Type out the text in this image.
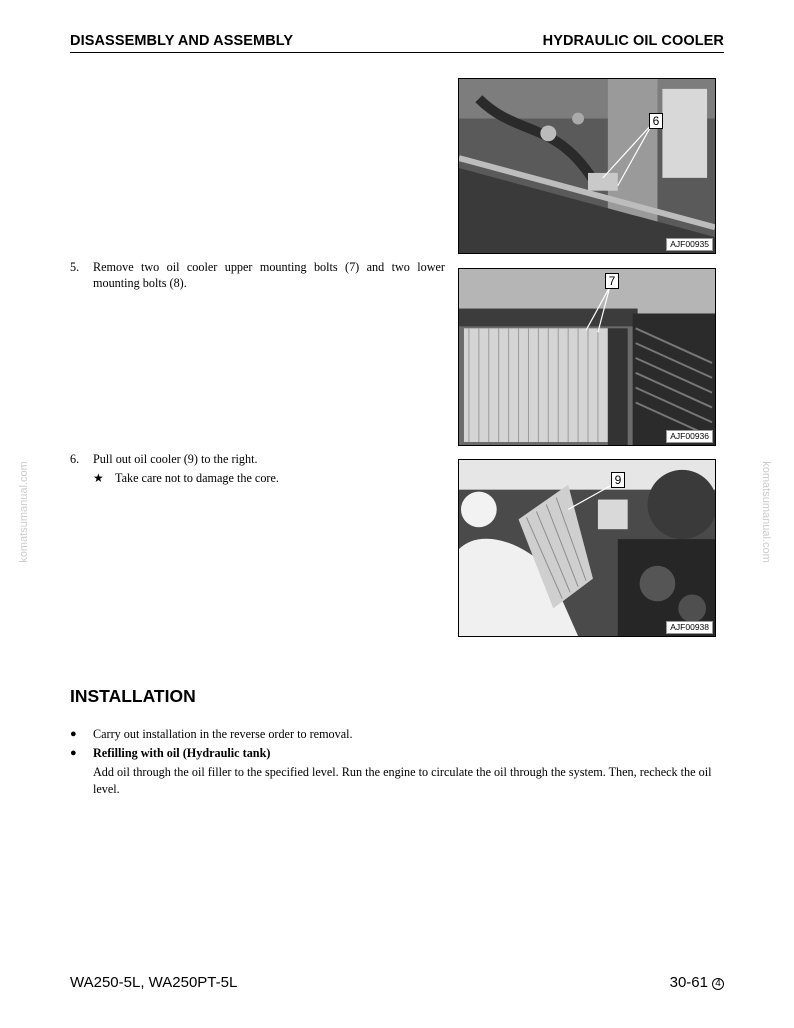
DISASSEMBLY AND ASSEMBLY	HYDRAULIC OIL COOLER
AJF00935
6
5. Remove two oil cooler upper mounting bolts (7) and two lower mounting bolts (8).
AJF00936
7
6. Pull out oil cooler (9) to the right.
★ Take care not to damage the core.
AJF00938
9
INSTALLATION
● Carry out installation in the reverse order to removal.
● Refilling with oil (Hydraulic tank)
Add oil through the oil filler to the specified level. Run the engine to circulate the oil through the system. Then, recheck the oil level.
komatsumanual.com	komatsumanual.com
WA250-5L, WA250PT-5L	30-61 4
